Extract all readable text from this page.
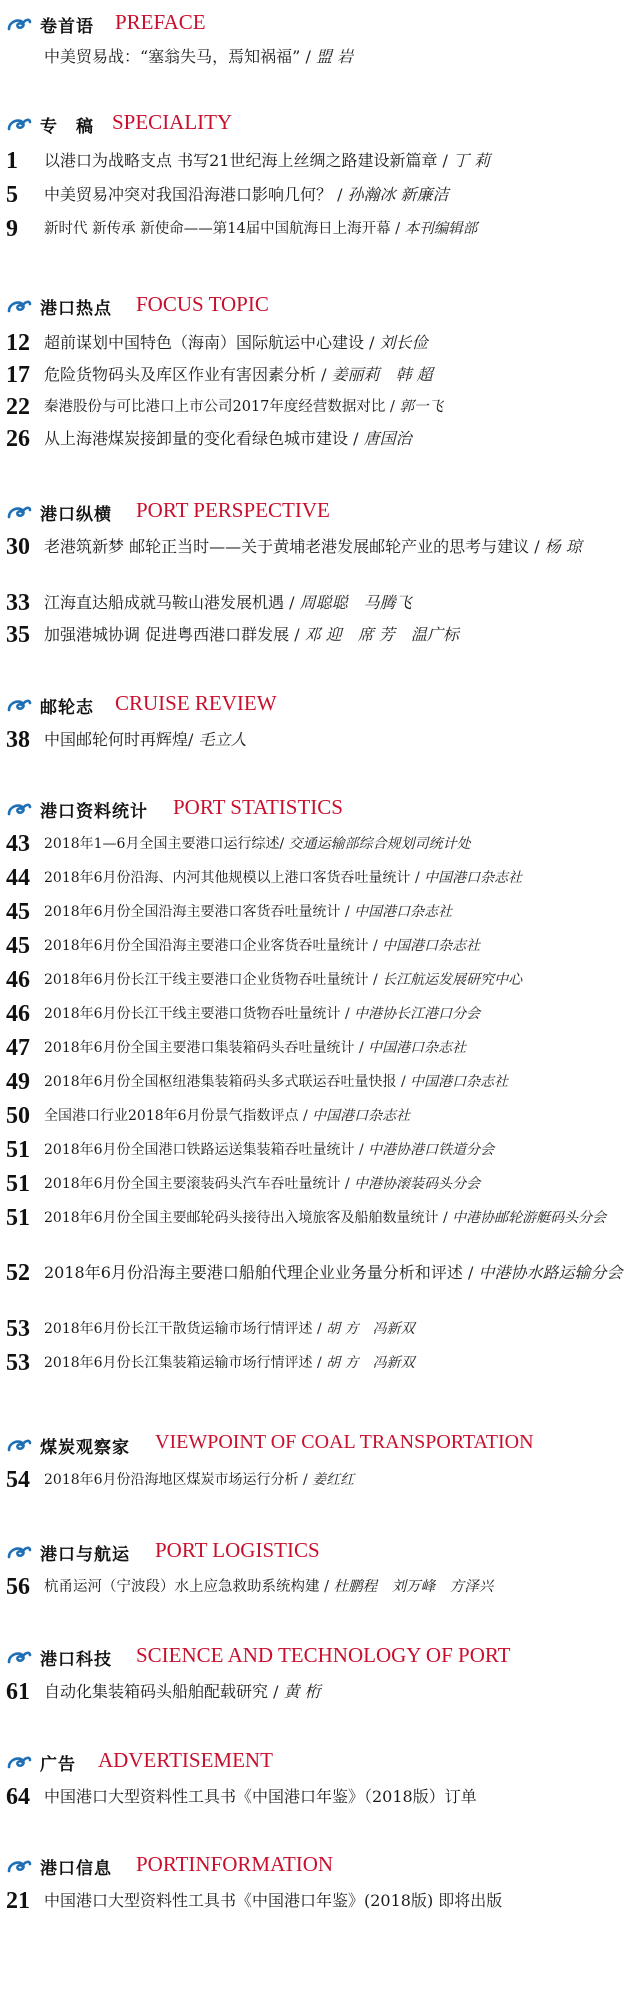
卷首语 PREFACE
中美贸易战：“塞翁失马，焉知祸福” / 盟 岩
专　稿 SPECIALITY
1	以港口为战略支点 书写21世纪海上丝绸之路建设新篇章 / 丁 莉
5	中美贸易冲突对我国沿海港口影响几何？ / 孙瀚冰 新廉洁
9	新时代 新传承 新使命——第14届中国航海日上海开幕 / 本刊编辑部
港口热点 FOCUS TOPIC
12 超前谋划中国特色（海南）国际航运中心建设 / 刘长俭
17 危险货物码头及库区作业有害因素分析 / 姜丽莉　韩 超
22 秦港股份与可比港口上市公司2017年度经营数据对比 / 郭一飞
26 从上海港煤炭接卸量的变化看绿色城市建设 / 唐国治
港口纵横 PORT PERSPECTIVE
30 老港筑新梦 邮轮正当时——关于黄埔老港发展邮轮产业的思考与建议 / 杨 琼
33 江海直达船成就马鞍山港发展机遇 / 周聪聪　马腾飞
35 加强港城协调 促进粤西港口群发展 / 邓 迎　席 芳　温广标
邮轮志 CRUISE REVIEW
38 中国邮轮何时再辉煌/ 毛立人
港口资料统计 PORT STATISTICS
43	2018年1—6月全国主要港口运行综述/ 交通运输部综合规划司统计处
44	2018年6月份沿海、内河其他规模以上港口客货吞吐量统计 / 中国港口杂志社
45	2018年6月份全国沿海主要港口客货吞吐量统计 / 中国港口杂志社
45	2018年6月份全国沿海主要港口企业客货吞吐量统计 / 中国港口杂志社
46	2018年6月份长江干线主要港口企业货物吞吐量统计 / 长江航运发展研究中心
46	2018年6月份长江干线主要港口货物吞吐量统计 / 中港协长江港口分会
47	2018年6月份全国主要港口集装箱码头吞吐量统计 / 中国港口杂志社
49	2018年6月份全国枢纽港集装箱码头多式联运吞吐量快报 / 中国港口杂志社
50	全国港口行业2018年6月份景气指数评点 / 中国港口杂志社
51	2018年6月份全国港口铁路运送集装箱吞吐量统计 / 中港协港口铁道分会
51	2018年6月份全国主要滚装码头汽车吞吐量统计 / 中港协滚装码头分会
51	2018年6月份全国主要邮轮码头接待出入境旅客及船舶数量统计 / 中港协邮轮游艇码头分会
52 2018年6月份沿海主要港口船舶代理企业业务量分析和评述 / 中港协水路运输分会
53	2018年6月份长江干散货运输市场行情评述 / 胡 方　冯新双
53	2018年6月份长江集装箱运输市场行情评述 / 胡 方　冯新双
煤炭观察家 VIEWPOINT OF COAL TRANSPORTATION
54	2018年6月份沿海地区煤炭市场运行分析 / 姜红红
港口与航运 PORT LOGISTICS
56 杭甬运河（宁波段）水上应急救助系统构建 / 杜鹏程　刘万峰　方泽兴
港口科技 SCIENCE AND TECHNOLOGY OF PORT
61 自动化集装箱码头船舶配载研究 / 黄 桁
广告 ADVERTISEMENT
64 中国港口大型资料性工具书《中国港口年鉴》（2018版）订单
港口信息 PORTINFORMATION
21 中国港口大型资料性工具书《中国港口年鉴》(2018版) 即将出版
